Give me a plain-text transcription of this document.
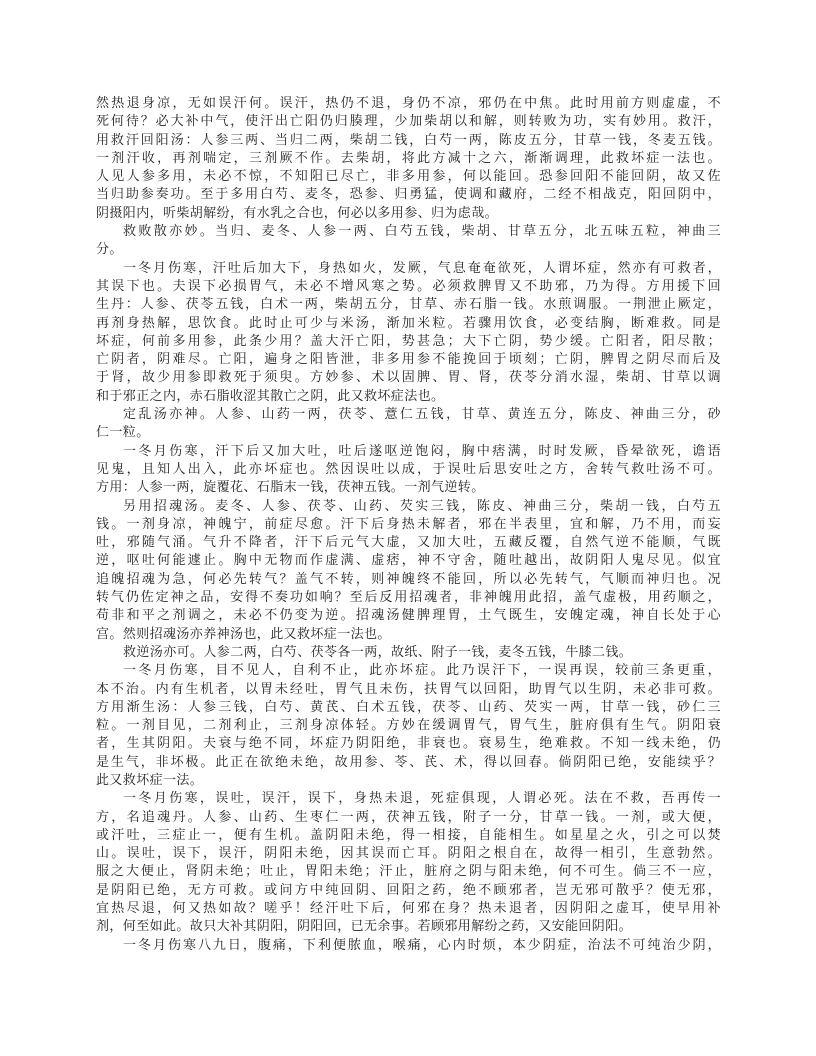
然热退身凉，无如误汗何。误汗，热仍不退，身仍不凉，邪仍在中焦。此时用前方则虚虚，不
死何待？必大补中气，使汗出亡阳仍归腠理，少加柴胡以和解，则转败为功，实有妙用。救汗，
用救汗回阳汤：人参三两、当归二两，柴胡二钱，白芍一两，陈皮五分，甘草一钱，冬麦五钱。
一剂汗收，再剂喘定，三剂厥不作。去柴胡，将此方减十之六，渐渐调理，此救坏症一法也。
人见人参多用，未必不惊，不知阳已尽亡，非多用参，何以能回。恐参回阳不能回阴，故又佐
当归助参奏功。至于多用白芍、麦冬，恐参、归勇猛，使调和藏府，二经不相战克，阳回阴中，
阴摄阳内，听柴胡解纷，有水乳之合也，何必以多用参、归为虑哉。
救败散亦妙。当归、麦冬、人参一两、白芍五钱，柴胡、甘草五分，北五味五粒，神曲三
分。
一冬月伤寒，汗吐后加大下，身热如火，发厥，气息奄奄欲死，人谓坏症，然亦有可救者，
其误下也。夫误下必损胃气，未必不增风寒之势。必须救脾胃又不助邪，乃为得。方用援下回
生丹：人参、茯苓五钱，白术一两，柴胡五分，甘草、赤石脂一钱。水煎调服。一荆泄止厥定，
再剂身热解，思饮食。此时止可少与米汤，渐加米粒。若骤用饮食，必变结胸，断难救。同是
坏症，何前多用参，此条少用？盖大汗亡阳，势甚急；大下亡阴，势少缓。亡阳者，阳尽散；
亡阴者，阴难尽。亡阳，遍身之阳皆泄，非多用参不能挽回于顷刻；亡阴，脾胃之阴尽而后及
于肾，故少用参即救死于须臾。方妙参、术以固脾、胃、肾，茯苓分消水湿，柴胡、甘草以调
和于邪正之内，赤石脂收涩其散亡之阴，此又救坏症法也。
定乱汤亦神。人参、山药一两，茯苓、薏仁五钱，甘草、黄连五分，陈皮、神曲三分，砂
仁一粒。
一冬月伤寒，汗下后又加大吐，吐后遂呕逆饱闷，胸中痞满，时时发厥，昏晕欲死，谵语
见鬼，且知人出入，此亦坏症也。然因误吐以成，于误吐后思安吐之方，舍转气救吐汤不可。
方用：人参一两，旋覆花、石脂末一钱，茯神五钱。一剂气逆转。
另用招魂汤。麦冬、人参、茯苓、山药、芡实三钱，陈皮、神曲三分，柴胡一钱，白芍五
钱。一剂身凉，神魄宁，前症尽愈。汗下后身热未解者，邪在半表里，宜和解，乃不用，而妄
吐，邪随气涌。气升不降者，汗下后元气大虚，又加大吐，五藏反覆，自然气逆不能顺，气既
逆，呕吐何能遽止。胸中无物而作虚满、虚痞，神不守舍，随吐越出，故阴阳人鬼尽见。似宜
追魄招魂为急，何必先转气？盖气不转，则神魄终不能回，所以必先转气，气顺而神归也。况
转气仍佐定神之品，安得不奏功如响？至后反用招魂者，非神魄用此招，盖气虚极，用药顺之，
苟非和平之剂调之，未必不仍变为逆。招魂汤健脾理胃，土气既生，安魄定魂，神自长处于心
宫。然则招魂汤亦养神汤也，此又救坏症一法也。
救逆汤亦可。人参二两，白芍、茯苓各一两，故纸、附子一钱，麦冬五钱，牛膝二钱。
一冬月伤寒，目不见人，自利不止，此亦坏症。此乃误汗下，一误再误，较前三条更重，
本不治。内有生机者，以胃未经吐，胃气且未伤，扶胃气以回阳，助胃气以生阴，未必非可救。
方用渐生汤：人参三钱，白芍、黄芪、白术五钱，茯苓、山药、芡实一两，甘草一钱，砂仁三
粒。一剂目见，二剂利止，三剂身凉体轻。方妙在缓调胃气，胃气生，脏府俱有生气。阴阳衰
者，生其阴阳。夫衰与绝不同，坏症乃阴阳绝，非衰也。衰易生，绝难救。不知一线未绝，仍
是生气，非坏极。此正在欲绝未绝，故用参、苓、芪、术，得以回春。倘阴阳已绝，安能续乎？
此又救坏症一法。
一冬月伤寒，误吐，误汗，误下，身热未退，死症俱现，人谓必死。法在不救，吾再传一
方，名追魂丹。人参、山药、生枣仁一两，茯神五钱，附子一分，甘草一钱。一剂，或大便，
或汗吐，三症止一，便有生机。盖阴阳未绝，得一相接，自能相生。如星星之火，引之可以焚
山。误吐，误下，误汗，阴阳未绝，因其误而亡耳。阴阳之根自在，故得一相引，生意勃然。
服之大便止，肾阴未绝；吐止，胃阳未绝；汗止，脏府之阴与阳未绝，何不可生。倘三不一应，
是阴阳已绝，无方可救。或问方中纯回阴、回阳之药，绝不顾邪者，岂无邪可散乎？使无邪，
宜热尽退，何又热如故？嗟乎！经汗吐下后，何邪在身？热未退者，因阴阳之虚耳，使早用补
剂，何至如此。故只大补其阴阳，阴阳回，已无余事。若顾邪用解纷之药，又安能回阴阳。
一冬月伤寒八九日，腹痛，下利便脓血，喉痛，心内时烦，本少阴症，治法不可纯治少阴，
